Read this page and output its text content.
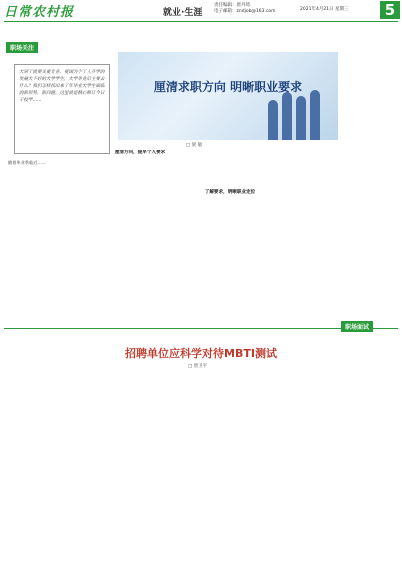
日常农村报	就业·生涯
责任编辑：唐丹琦
电子邮箱：zndjob@163.com	2021年4月21日 星期三	5
职场关注
大到了就要关重专业、爱国为个了人开学的发展大不好的大学学生，大学毕业后主要去什么？我们怎样找出来了年毕业大学生面临的新形势，新问题。这里就是精心修订今日于校学……
厘清求职方向 明晰职业要求
□ 梁 敏
随着毕业季临近……
厘清方向，提早个人要求
了解要求，明晰职业定位
职场面试
招聘单位应科学对待MBTI测试
□ 唐卫平
